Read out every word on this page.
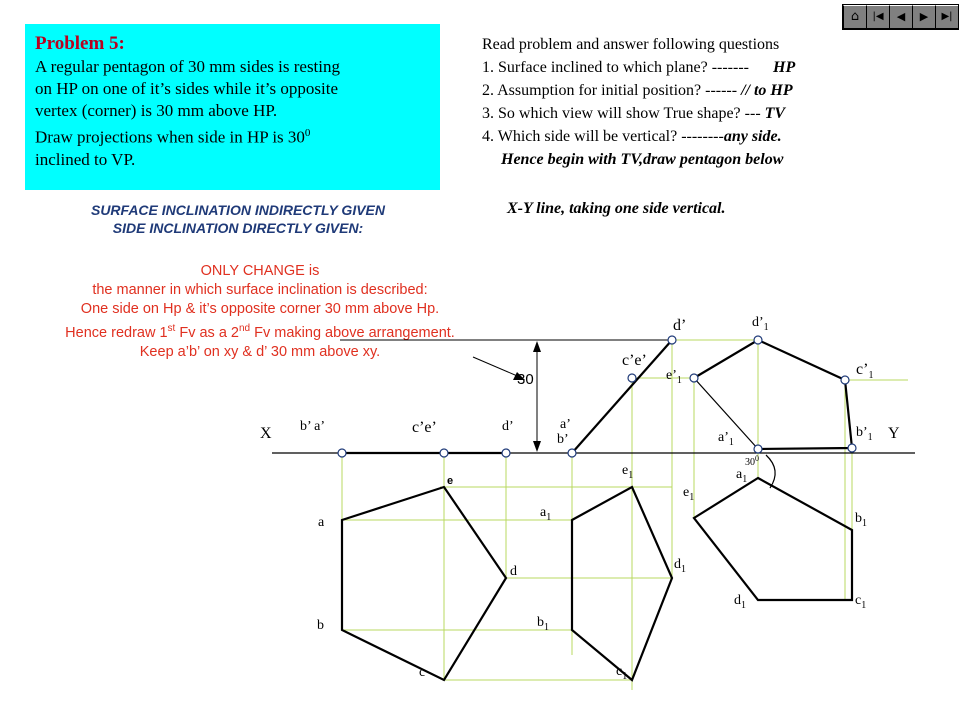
Problem 5:
A regular pentagon of 30 mm sides is resting
on HP on one of it’s sides while it’s opposite
vertex (corner) is 30 mm above HP.
Draw projections when side in HP is $30^0$
inclined to VP.
Read problem and answer following questions
1. Surface inclined to which plane? ------- HP
2. Assumption for initial position? ------ // to HP
3. So which view will show True shape? --- TV
4. Which side will be vertical? --------any side.
Hence begin with TV,draw pentagon below
X-Y line, taking one side vertical.
SURFACE INCLINATION INDIRECTLY GIVEN
SIDE INCLINATION DIRECTLY GIVEN:
ONLY CHANGE is
the manner in which surface inclination is described:
One side on Hp & it’s opposite corner 30 mm above Hp.
Hence redraw 1st Fv as a 2nd Fv making above arrangement.
Keep a’b’ on xy & d’ 30 mm above xy.
⌂	|◀	◀	▶	▶|
X	Y
30
b’ a’	c’e’	d’	a’
b’
c’e’
d’	$d’_1$
$e’_1$
$c’_1$
$a’_1$
$b’_1$
$30^0$
a
b
c
d
e
$e_1$
$a_1$
$d_1$
$b_1$
$c_1$
$a_1$
$e_1$
$b_1$
$d_1$	$c_1$
